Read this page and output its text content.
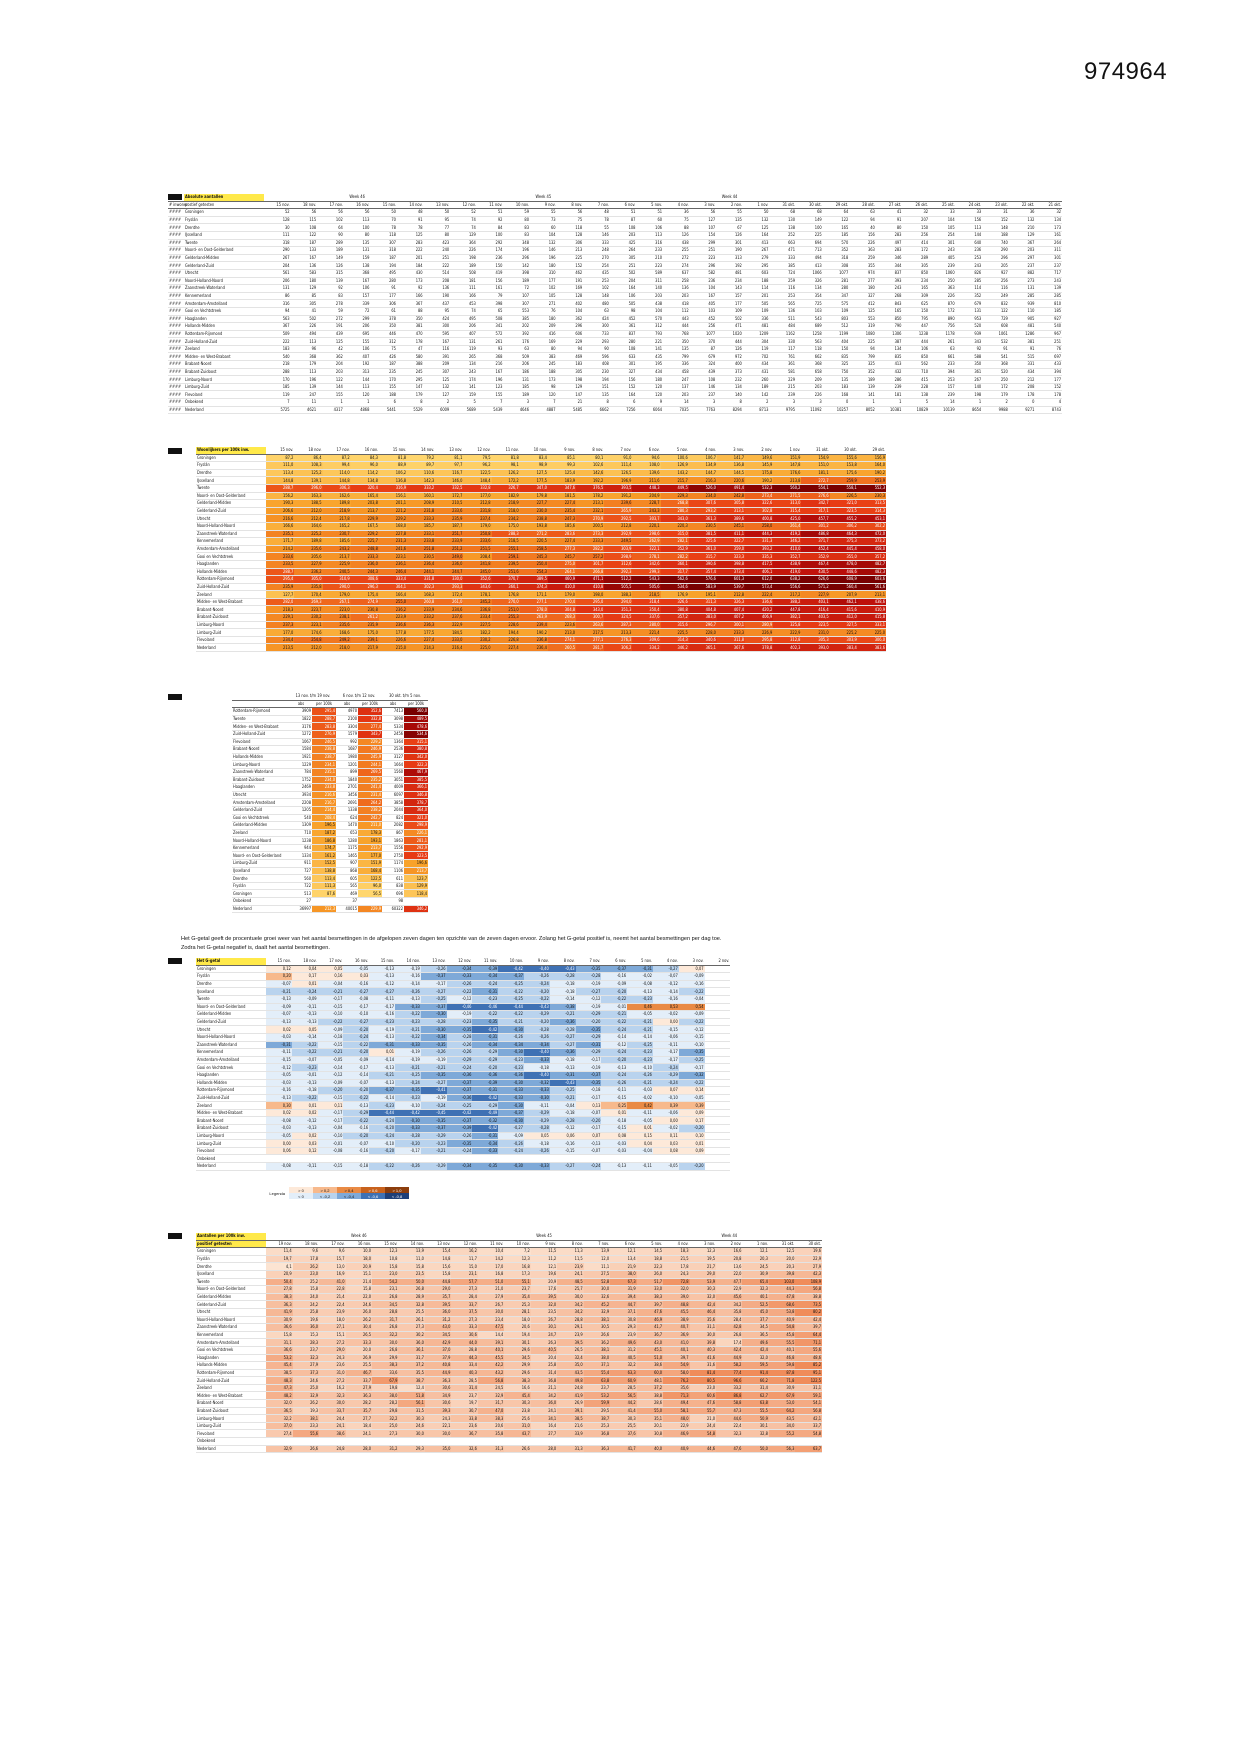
974964
	Absolute aantallen	Week 46							Week 45							Week 44															
# inwoner	postief getesten	15 nov.	18 nov.	17 nov.	16 nov.	15 nov.	14 nov.	13 nov.	12 nov.	11 nov.	10 nov.	9 nov.	8 nov.	7 nov.	6 nov.	5 nov.	4 nov.	3 nov.	2 nov.	1 nov.	31 okt.	30 okt.	29 okt.	28 okt.	27 okt.	26 okt.	25 okt.	24 okt.	23 okt.	22 okt.	21 okt.
####	Groningen	52	56	56	56	50	48	50	52	51	59	55	56	48	51	51	36	56	55	50	68	68	64	63	41	32	33	33	31	36	32
####	Fryslân	128	115	102	113	70	91	95	74	92	80	73	75	78	87	60	75	127	135	132	130	149	122	94	91	207	104	156	152	132	134
####	Drenthe	30	108	64	100	78	78	77	74	84	83	60	118	55	108	106	88	107	67	125	138	100	165	40	80	150	105	113	148	210	173
####	IJsselland	111	122	90	80	118	125	80	129	100	83	104	128	146	203	113	126	154	126	164	252	225	185	156	283	256	254	144	188	129	161
####	Twente	318	187	289	135	307	283	423	364	292	348	132	306	333	425	316	438	299	301	413	663	694	570	226	497	414	301	640	740	367	264
####	Noord- en Oost-Gelderland	290	133	189	131	318	222	240	226	174	196	146	213	248	264	233	255	251	190	267	471	713	352	363	283	172	243	236	290	203	311
####	Gelderland-Midden	267	167	149	159	187	201	251	198	236	296	196	225	270	305	210	272	223	313	279	333	494	318	259	346	289	405	253	296	297	301
####	Gelderland-Zuid	204	136	126	138	194	184	222	189	150	142	180	152	254	251	223	274	296	192	295	385	413	308	355	344	305	239	243	205	237	237
####	Utrecht	561	583	315	368	495	430	514	508	419	398	310	462	435	502	589	637	582	481	603	724	1066	1077	974	837	850	1060	826	927	882	717
####	Noord-Holland-Noord	206	180	139	167	280	173	208	181	156	189	177	191	253	204	311	258	236	234	188	259	326	281	277	393	234	250	285	256	273	243
####	Zaanstreek-Waterland	131	129	92	106	91	92	136	111	161	72	102	169	102	164	140	136	104	143	114	116	134	280	180	243	165	363	114	116	131	139
####	Kennemerland	86	85	83	157	177	166	190	166	79	107	105	128	148	106	203	203	167	157	201	253	354	347	327	268	309	226	352	249	285	285
####	Amsterdam-Amstelland	316	305	278	339	306	367	437	453	398	307	271	402	480	505	438	418	405	177	505	565	725	575	412	843	625	870	679	832	939	810
####	Gooi en Vechtstreek	94	41	59	72	61	88	95	74	65	553	76	104	63	98	104	112	103	109	109	136	103	109	125	165	150	172	131	122	110	185
####	Haaglanden	563	502	272	299	378	350	424	495	508	385	180	362	424	452	570	443	452	502	336	511	543	803	553	850	795	890	953	729	905	927
####	Hollands-Midden	367	226	191	206	350	381	300	206	341	202	209	296	300	361	312	444	256	471	481	484	689	512	319	790	447	756	520	608	481	540
####	Rotterdam-Rijnmond	509	494	439	695	446	470	595	407	572	392	416	606	733	837	793	768	1077	1020	1209	1162	1258	1199	1080	1306	1238	1178	939	1061	1286	967
####	Zuid-Holland-Zuid	222	113	125	155	312	178	167	131	261	176	169	229	293	280	221	350	370	444	304	330	563	404	225	387	444	261	343	532	381	251
####	Zeeland	183	96	42	106	75	47	116	119	93	63	80	94	90	108	141	135	87	126	119	117	118	150	94	134	106	63	92	91	91	76
####	Midden- en West-Brabant	540	368	362	407	426	580	391	265	368	509	383	469	596	633	435	799	679	972	702	761	662	835	799	835	850	661	588	541	515	697
####	Brabant-Noord	218	179	204	192	187	388	209	134	216	206	245	183	408	301	195	336	324	400	434	361	368	325	325	413	562	233	350	368	331	433
####	Brabant-Zuidoost	288	113	203	313	235	245	307	243	167	186	188	305	230	327	434	458	439	373	431	581	658	750	352	432	710	394	361	520	434	394
####	Limburg-Noord	170	196	122	144	170	295	125	174	196	131	173	198	194	156	180	247	108	232	260	229	209	135	189	286	415	253	267	250	212	177
####	Limburg-Zuid	185	139	144	113	155	147	132	141	123	185	98	129	151	152	120	137	146	134	189	215	203	183	139	239	228	157	140	172	208	152
####	Flevoland	119	247	155	120	188	179	127	159	155	189	120	147	135	164	120	203	237	140	142	239	226	168	141	181	138	239	198	179	178	178
####	Onbekend	7	11	1	1	6	8	2	5	7	3	7	21	8	6	9	14	3	8	2	3	3	0	1	1	5	14	1	2	0	4
####	Nederland	5725	4621	4317	4868	5441	5529	6009	5689	5439	4646	4887	5485	6662	7256	6064	7035	7763	8294	8713	9795	11092	10257	8052	10381	10829	10139	8654	9988	9271	8743
Woonlijkers per 100k inw.	15 nov.	18 nov.	17 nov.	16 nov.	15 nov.	14 nov.	13 nov.	12 nov.	11 nov.	10 nov.	9 nov.	8 nov.	7 nov.	6 nov.	5 nov.	4 nov.	3 nov.	2 nov.	1 nov.	31 okt.	30 okt.	29 okt.
Groningen	87,2	86,4	87,2	84,3	81,8	79,2	81,1	79,5	81,8	83,4	85,1	80,1	91,0	94,6	100,6	106,7	141,7	149,6	151,9	154,9	155,6	156,9
Fryslân	111,0	108,3	99,4	96,0	88,9	89,7	97,7	96,2	98,1	98,9	99,3	102,6	111,4	108,0	126,9	134,9	136,8	145,9	147,8	151,0	153,8	164,0
Drenthe	113,4	125,2	114,0	114,2	106,2	110,6	116,7	122,5	126,2	127,5	125,4	142,6	126,5	139,6	143,2	144,7	144,5	175,8	176,6	181,1	175,6	190,2
IJsselland	144,8	139,1	144,8	134,8	136,8	142,3	146,0	148,4	172,2	177,5	183,9	192,2	196,9	211,6	215,7	216,3	220,6	190,2	213,8	272,7	259,9	253,9
Twente	288,7	296,0	306,3	320,4	316,9	333,2	332,5	332,8	326,7	347,0	347,6	376,5	393,5	448,3	449,5	526,0	491,4	532,3	560,2	554,1	558,1	552,3
Noord- en Oost-Gelderland	156,2	163,3	162,6	165,4	156,1	160,1	172,7	177,0	182,9	179,8	181,5	178,2	191,2	204,9	229,3	234,0	242,8	273,4	271,5	276,6	226,5	230,3
Gelderland-Midden	190,3	188,5	189,8	203,8	201,1	208,9	210,5	212,8	218,9	227,7	227,4	213,1	239,6	228,7	268,8	307,6	305,8	322,6	313,0	342,7	321,0	313,5
Gelderland-Zuid	206,6	212,0	218,9	213,7	221,2	231,8	233,6	231,8	218,0	230,0	235,4	232,1	265,9	243,3	280,3	293,2	313,1	302,8	315,4	317,1	323,5	314,3
Utrecht	216,6	212,4	217,8	229,9	229,2	233,3	235,9	237,4	234,2	238,8	247,3	270,9	292,5	303,7	343,0	361,3	389,6	400,8	425,0	457,7	455,2	453,1
Noord-Holland-Noord	166,6	164,6	165,2	167,5	168,0	185,7	187,7	179,0	175,0	193,8	185,6	200,5	212,8	220,1	220,3	230,5	245,1	258,0	261,4	301,2	306,2	302,2
Zaanstreek-Waterland	235,1	225,2	230,7	229,2	227,8	233,1	251,7	250,8	288,3	271,2	283,6	273,3	292,9	298,6	315,0	381,5	411,1	444,3	419,2	486,8	464,3	472,0
Kennemerland	171,7	189,8	185,6	225,7	231,3	233,8	233,9	233,6	218,5	220,5	227,4	233,3	249,5	262,9	282,1	325,6	322,7	331,3	346,2	371,7	375,3	373,2
Amsterdam-Amstelland	214,2	235,6	243,2	248,8	241,6	251,8	251,2	251,5	255,1	258,5	277,3	282,2	303,9	322,1	352,9	361,0	359,0	393,2	410,0	452,4	445,4	458,0
Gooi en Vechtstreek	233,6	205,6	213,7	233,3	223,1	230,5	249,0	208,4	259,1	245,3	245,7	257,2	298,9	278,1	282,2	315,7	323,3	335,3	352,7	352,9	355,0	357,2
Haaglanden	233,5	227,9	225,9	236,0	236,1	236,4	236,0	241,8	239,5	250,4	275,0	301,7	312,6	342,6	360,1	390,6	398,8	417,5	438,9	467,4	478,0	482,7
Hollands-Midden	288,7	236,2	240,5	244,3	246,4	244,1	244,7	245,0	251,6	254,3	264,1	266,8	292,3	299,3	317,7	357,4	373,4	406,1	419,0	430,5	448,6	482,3
Rotterdam-Rijnmond	295,4	305,0	310,9	308,6	333,4	331,8	330,0	352,6	370,7	389,5	460,9	471,1	512,2	543,3	562,6	576,6	601,3	612,0	638,2	626,6	608,9	603,6
Zuid-Holland-Zuid	235,9	235,8	290,0	296,3	304,1	302,3	293,3	343,6	360,1	374,3	410,0	410,8	505,5	505,6	534,6	583,9	539,7	573,4	556,6	571,2	560,4	561,6
Zeeland	127,7	170,4	179,0	175,4	166,4	168,3	172,4	178,1	176,8	171,1	179,0	198,0	188,3	218,5	176,9	195,1	212,8	222,4	217,2	227,9	207,9	213,1
Midden- en West-Brabant	282,0	269,3	267,1	274,9	255,0	260,8	261,0	245,2	270,0	277,1	270,4	295,0	294,0	318,4	326,6	311,3	326,3	336,6	388,2	403,1	462,1	438,6
Brabant-Noord	218,3	223,7	223,0	230,8	236,2	233,9	234,6	236,8	251,0	278,0	304,8	343,0	351,3	350,4	380,8	404,8	407,4	420,2	447,8	416,4	415,6	410,9
Brabant-Zuidoost	229,1	230,2	238,1	261,2	223,9	233,2	237,6	233,4	255,3	263,9	268,3	300,7	324,5	337,6	357,2	383,0	407,2	406,9	382,1	403,5	412,0	415,8
Limburg-Noord	237,3	223,1	235,6	235,9	236,6	236,3	222,9	227,5	228,6	239,4	223,6	263,6	287,3	280,0	315,6	296,7	300,1	280,9	325,8	323,5	327,5	333,1
Limburg-Zuid	177,0	174,6	168,6	175,0	177,8	177,5	184,5	182,2	194,4	190,2	213,0	217,5	213,3	221,4	225,5	228,0	233,3	226,9	222,9	231,0	225,2	225,0
Flevoland	234,4	254,8	249,2	239,1	226,6	227,4	233,0	230,2	226,8	236,8	274,1	277,1	276,3	309,6	314,3	340,6	311,8	295,8	312,8	305,3	303,9	306,0
Nederland	213,5	212,0	218,0	217,9	215,0	214,3	216,4	225,0	227,4	236,4	260,5	281,7	306,2	334,2	346,2	365,1	367,6	378,8	402,3	393,0	383,4	383,6
	13 nov. t/m 19 nov.		6 nov. t/m 12 nov.		30 okt. t/m 5 nov.	
	abs	per 100k	abs	per 100k	abs	per 100k
Rotterdam-Rijnmond	3909	295,4	4970	352,6	7413	560,0
Twente	1822	288,7	2100	332,8	3098	489,5
Midden- en West-Brabant	3176	283,8	3304	277,4	5334	478,6
Zuid-Holland-Zuid	1272	276,9	1579	343,7	2456	534,6
Flevoland	1067	246,5	992	229,2	1364	315,1
Brabant-Noord	1584	238,8	1687	246,9	2536	380,8
Hollands-Midden	1921	238,7	1980	245,9	3127	342,0
Limburg-Noord	1229	234,1	1201	244,1	1664	322,3
Zaanstreek-Waterland	784	235,1	899	269,5	1560	467,9
Brabant-Zuidoost	1752	234,0	1840	235,2	3051	385,5
Haaglanden	2469	233,8	2701	241,4	4009	366,1
Utrecht	3934	216,6	3456	231,4	6097	346,8
Amsterdam-Amstelland	2208	216,7	2691	264,2	3858	378,7
Gelderland-Zuid	1205	214,4	1338	238,2	2044	364,0
Gooi en Vechtstreek	540	208,4	624	242,7	824	321,0
Gelderland-Midden	1309	196,5	1470	211,0	2082	298,9
Zeeland	710	187,2	653	178,3	867	226,1
Noord-Holland-Noord	1238	186,8	1280	193,1	1863	281,1
Kennemerland	944	174,7	1175	213,7	1556	292,9
Noord- en Oost-Gelderland	1334	161,2	1465	177,0	2750	323,5
Limburg-Zuid	911	152,5	907	151,9	1174	196,6
IJsselland	727	138,8	868	168,4	1106	213,7
Drenthe	560	113,4	605	122,5	611	123,7
Fryslân	722	111,3	565	96,0	838	129,9
Groningen	513	87,6	469	56,5	696	118,4
Onbekend	27		37		98	
Nederland	36997	212,3	40015	229,9	60322	346,2
Het G-getal geeft de procentuele groei weer van het aantal besmettingen in de afgelopen zeven dagen ten opzichte van de zeven dagen ervoor. Zolang het G-getal positief is, neemt het aantal besmettingen per dag toe. Zodra het G-getal negatief is, daalt het aantal besmettingen.
Het G-getal	15 nov.	18 nov.	17 nov.	16 nov.	15 nov.	14 nov.	13 nov.	12 nov.	11 nov.	10 nov.	9 nov.	8 nov.	7 nov.	6 nov.	5 nov.	4 nov.	3 nov.	2 nov.
Groningen	0,12	0,04	0,05	-0,05	-0,13	-0,19	-0,26	-0,34	-0,39	-0,42	-0,40	-0,43	-0,35	-0,37	-0,31	-0,27	0,07	
Fryslân	0,20	0,17	0,16	0,03	-0,13	-0,16	-0,37	-0,33	-0,34	-0,37	-0,26	-0,28	-0,28	-0,16	-0,02	-0,07	-0,09	
Drenthe	-0,07	0,01	-0,04	-0,16	-0,12	-0,14	-0,17	-0,26	-0,24	-0,25	-0,24	-0,18	-0,19	-0,09	-0,08	-0,12	-0,16	
IJsselland	-0,21	-0,24	-0,21	-0,27	-0,27	-0,26	-0,27	-0,22	-0,31	-0,22	-0,20	-0,18	-0,27	-0,20	-0,13	-0,14	-0,22	
Twente	-0,13	-0,09	-0,17	-0,08	-0,11	-0,13	-0,25	-0,12	-0,23	-0,25	-0,22	-0,14	-0,12	-0,22	-0,23	-0,16	-0,04	
Noord- en Oost-Gelderland	-0,09	-0,11	-0,15	-0,17	-0,17	-0,33	-0,37	-0,46	-0,46	-0,44	-0,43	-0,38	-0,19	-0,01	0,46	0,53	0,54	
Gelderland-Midden	-0,07	-0,13	-0,10	-0,10	-0,16	-0,22	-0,30	-0,19	-0,22	-0,22	-0,29	-0,21	-0,29	-0,21	-0,05	-0,02	-0,09	
Gelderland-Zuid	-0,13	-0,13	-0,22	-0,27	-0,23	-0,23	-0,28	-0,23	-0,35	-0,21	-0,20	-0,36	-0,20	-0,22	-0,21	0,00	-0,22	
Utrecht	0,02	0,05	-0,09	-0,20	-0,19	-0,21	-0,30	-0,35	-0,42	-0,30	-0,28	-0,28	-0,35	-0,24	-0,21	-0,15	-0,12	
Noord-Holland-Noord	-0,03	-0,14	-0,18	-0,24	-0,13	-0,22	-0,34	-0,28	-0,31	-0,26	-0,26	-0,27	-0,29	-0,14	-0,14	-0,06	-0,15	
Zaanstreek-Waterland	-0,31	-0,22	-0,15	-0,22	-0,31	-0,33	-0,35	-0,26	-0,34	-0,34	-0,34	-0,27	-0,31	-0,12	-0,25	-0,11	-0,10	
Kennemerland	-0,11	-0,22	-0,21	-0,20	0,01	-0,19	-0,26	-0,26	-0,29	-0,30	-0,40	-0,36	-0,29	-0,24	-0,23	-0,17	-0,35	
Amsterdam-Amstelland	-0,15	-0,07	-0,05	-0,09	-0,14	-0,19	-0,19	-0,29	-0,29	-0,23	-0,33	-0,18	-0,17	-0,20	-0,23	-0,17	-0,25	
Gooi en Vechtstreek	-0,12	-0,23	-0,14	-0,17	-0,13	-0,21	-0,21	-0,24	-0,20	-0,23	-0,18	-0,13	-0,19	-0,13	-0,10	-0,24	-0,17	
Haaglanden	-0,05	-0,01	-0,12	-0,14	-0,21	-0,25	-0,35	-0,36	-0,36	-0,36	-0,40	-0,31	-0,37	-0,24	-0,26	-0,29	-0,32	
Hollands-Midden	-0,03	-0,13	-0,09	-0,07	-0,13	-0,24	-0,27	-0,37	-0,39	-0,30	-0,32	-0,43	-0,35	-0,26	-0,21	-0,24	-0,22	
Rotterdam-Rijnmond	-0,16	-0,18	-0,20	-0,20	-0,37	-0,35	-0,41	-0,37	-0,31	-0,33	-0,33	-0,25	-0,18	-0,11	-0,03	0,07	0,14	
Zuid-Holland-Zuid	-0,13	-0,22	-0,15	-0,22	-0,14	-0,23	-0,19	-0,36	-0,42	-0,33	-0,30	-0,21	-0,17	-0,15	-0,02	-0,10	-0,05	
Zeeland	0,30	0,01	0,11	-0,13	-0,23	-0,10	-0,24	-0,25	-0,29	-0,30	-0,11	-0,04	0,13	0,25	0,42	0,39	0,39	
Midden- en West-Brabant	0,02	0,02	-0,17	-0,29	-0,44	-0,42	-0,45	-0,42	-0,49	-0,37	-0,29	-0,18	-0,07	0,01	-0,11	-0,06	0,09	
Brabant-Noord	-0,08	-0,12	-0,17	-0,22	-0,24	-0,30	-0,35	-0,37	-0,32	-0,30	-0,29	-0,28	-0,20	-0,18	-0,05	0,00	0,17	
Brabant-Zuidoost	-0,03	-0,13	-0,04	-0,16	-0,20	-0,33	-0,37	-0,39	-0,42	-0,27	-0,28	-0,12	-0,17	-0,15	0,01	-0,02	-0,20	
Limburg-Noord	-0,05	0,02	-0,10	-0,20	-0,24	-0,28	-0,29	-0,26	-0,31	-0,09	0,05	0,06	0,07	0,08	0,15	0,11	0,10	
Limburg-Zuid	0,00	0,03	-0,01	-0,07	-0,10	-0,20	-0,23	-0,35	-0,34	-0,26	-0,18	-0,16	-0,13	-0,03	0,04	0,03	0,01	
Flevoland	0,06	0,12	-0,08	-0,16	-0,20	-0,17	-0,21	-0,24	-0,33	-0,24	-0,26	-0,15	-0,07	-0,03	-0,04	0,08	0,09	
Onbekend																		
Nederland	-0,08	-0,11	-0,15	-0,18	-0,22	-0,26	-0,29	-0,34	-0,35	-0,30	-0,33	-0,27	-0,24	-0,13	-0,11	-0,05	-0,20	
Legenda	> 0	> 0,2	> 0,4	> 0,6	> 1,0
	< 0	< -0,2	< -0,4	< -0,6	< -0,8
Aantallen per 100k inw.	Week 46							Week 45							Week 44						
positief getesten	19 nov.	18 nov.	17 nov.	16 nov.	15 nov.	14 nov.	13 nov.	12 nov.	11 nov.	10 nov.	9 nov.	8 nov.	7 nov.	6 nov.	5 nov.	4 nov.	3 nov.	2 nov.	1 nov.	31 okt.	30 okt.
Groningen	11,4	9,6	9,6	10,0	12,3	13,9	15,4	16,2	10,4	7,2	11,5	11,3	13,9	12,1	14,5	18,3	12,3	16,6	12,1	12,5	19,6
Fryslân	19,7	17,8	15,7	18,0	10,8	11,0	14,8	11,7	14,2	12,3	11,2	11,5	12,0	13,4	18,8	21,5	19,5	20,8	20,3	20,0	22,9
Drenthe	4,1	26,2	13,0	20,9	15,8	15,8	15,6	15,0	17,0	16,8	12,1	23,9	11,1	21,9	22,3	17,8	21,7	13,6	24,5	20,3	27,9
IJsselland	20,9	23,0	16,9	15,1	23,0	23,5	15,8	23,1	16,8	17,3	19,6	24,1	27,5	38,0	26,0	24,3	29,0	22,0	30,9	39,8	42,3
Twente	50,4	25,2	41,0	21,4	54,2	50,0	44,8	57,7	51,0	55,1	20,9	48,5	52,8	67,3	51,7	72,8	53,9	47,7	65,4	103,0	108,9
Noord- en Oost-Gelderland	27,8	15,8	22,8	15,8	23,1	26,8	29,0	27,3	21,0	23,7	17,6	25,7	30,0	31,9	33,0	32,0	30,3	22,9	32,3	44,3	56,8
Gelderland-Midden	38,3	24,0	21,4	22,0	26,8	28,9	35,7	28,4	27,9	35,4	39,5	30,0	32,6	39,4	38,3	39,0	32,0	45,6	40,1	47,8	38,8
Gelderland-Zuid	36,3	24,2	22,4	24,6	34,5	32,8	39,5	33,7	26,7	25,3	32,0	34,2	45,2	44,7	39,7	48,8	42,4	34,2	52,5	68,6	73,5
Utrecht	41,9	25,8	23,9	26,0	28,8	25,5	36,0	37,5	30,0	28,1	23,5	34,2	32,9	37,1	47,6	45,5	46,4	35,8	45,0	53,8	80,2
Noord-Holland-Noord	30,9	19,6	18,0	26,2	31,7	26,1	31,2	27,3	23,4	18,0	26,7	28,8	38,1	30,8	46,9	38,9	35,6	28,4	37,7	40,9	42,4
Zaanstreek-Waterland	36,6	36,0	27,1	30,4	26,8	27,3	43,0	33,3	47,5	20,6	30,1	29,1	30,5	29,3	41,7	40,7	31,1	42,8	34,5	54,8	39,7
Kennemerland	15,8	15,3	15,1	26,5	32,2	30,2	34,5	30,6	14,4	19,4	24,7	23,9	26,6	23,9	36,7	36,9	30,0	26,8	36,5	45,8	64,4
Amsterdam-Amstelland	31,1	28,3	27,2	33,3	30,0	36,0	42,9	44,0	39,1	30,1	26,3	39,5	36,2	49,6	43,0	41,0	39,8	17,4	49,6	55,5	71,1
Gooi en Vechtstreek	36,6	23,7	29,0	20,0	26,8	36,1	37,0	28,8	40,1	29,6	40,5	26,5	38,1	31,2	45,1	40,1	40,3	42,4	42,4	40,1	55,6
Haaglanden	53,2	32,3	24,3	26,9	29,9	31,7	37,9	44,3	45,5	34,5	20,4	32,4	38,0	40,5	51,0	39,7	41,6	44,9	32,0	46,8	48,6
Hollands-Midden	45,4	27,9	23,6	25,5	38,3	37,2	40,8	33,4	42,2	29,9	25,8	35,0	37,1	32,2	38,6	54,9	31,6	58,2	59,5	59,8	85,2
Rotterdam-Rijnmond	38,5	37,3	31,0	46,7	33,6	35,5	44,9	40,3	43,2	29,6	31,4	43,5	55,4	63,3	60,0	58,0	81,4	77,4	91,4	87,8	95,1
Zuid-Holland-Zuid	48,3	24,6	27,2	33,7	67,9	38,7	36,3	28,5	56,8	38,3	36,8	49,8	63,8	60,9	48,1	76,2	80,5	96,6	66,2	71,8	122,5
Zeeland	47,3	25,0	16,2	27,9	19,8	12,4	30,6	31,4	24,5	16,6	21,1	24,8	23,7	28,5	37,2	35,6	23,0	33,2	31,4	30,9	31,1
Midden- en West-Brabant	48,2	32,9	32,3	36,3	38,0	51,8	34,9	23,7	32,9	45,4	34,2	41,9	53,2	56,5	38,8	71,3	60,6	86,8	62,7	67,9	59,1
Brabant-Noord	32,0	26,2	30,0	28,2	28,2	56,1	30,6	19,7	31,7	30,3	36,0	26,9	59,9	44,2	28,6	49,4	47,6	58,8	63,8	53,0	54,1
Brabant-Zuidoost	36,5	19,3	33,7	35,7	29,8	31,5	39,3	30,7	47,0	23,8	24,1	39,1	29,5	41,4	55,0	58,1	55,7	47,3	55,5	64,2	56,8
Limburg-Noord	32,2	38,1	24,4	27,7	32,2	30,3	24,3	33,8	38,3	25,6	34,1	38,5	38,7	30,3	35,1	48,0	21,0	44,6	50,9	43,5	42,1
Limburg-Zuid	37,0	23,3	24,1	18,4	25,0	24,6	22,1	23,6	20,6	31,0	16,4	21,6	25,3	25,5	20,1	22,9	24,4	22,4	30,1	34,0	33,7
Flevoland	27,4	55,6	38,6	24,1	27,3	30,0	30,0	36,7	35,8	43,7	27,7	33,9	36,8	37,6	30,8	46,9	54,8	32,3	32,8	55,2	54,8
Onbekend																					
Nederland	32,9	26,6	24,8	28,0	31,2	29,3	35,0	32,6	31,3	26,6	28,0	31,3	36,3	41,7	40,0	40,9	44,6	47,6	50,0	56,3	63,7
